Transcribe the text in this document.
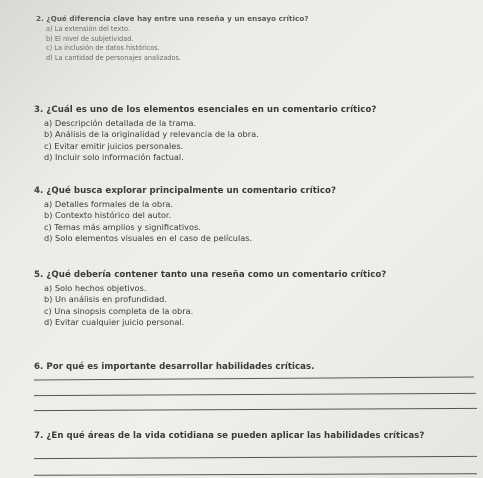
2. ¿Qué diferencia clave hay entre una reseña y un ensayo crítico?
a) La extensión del texto.
b) El nivel de subjetividad.
c) La inclusión de datos históricos.
d) La cantidad de personajes analizados.
3. ¿Cuál es uno de los elementos esenciales en un comentario crítico?
a) Descripción detallada de la trama.
b) Análisis de la originalidad y relevancia de la obra.
c) Evitar emitir juicios personales.
d) Incluir solo información factual.
4. ¿Qué busca explorar principalmente un comentario crítico?
a) Detalles formales de la obra.
b) Contexto histórico del autor.
c) Temas más amplios y significativos.
d) Solo elementos visuales en el caso de películas.
5. ¿Qué debería contener tanto una reseña como un comentario crítico?
a) Solo hechos objetivos.
b) Un análisis en profundidad.
c) Una sinopsis completa de la obra.
d) Evitar cualquier juicio personal.
6. Por qué es importante desarrollar habilidades críticas.
7. ¿En qué áreas de la vida cotidiana se pueden aplicar las habilidades críticas?
